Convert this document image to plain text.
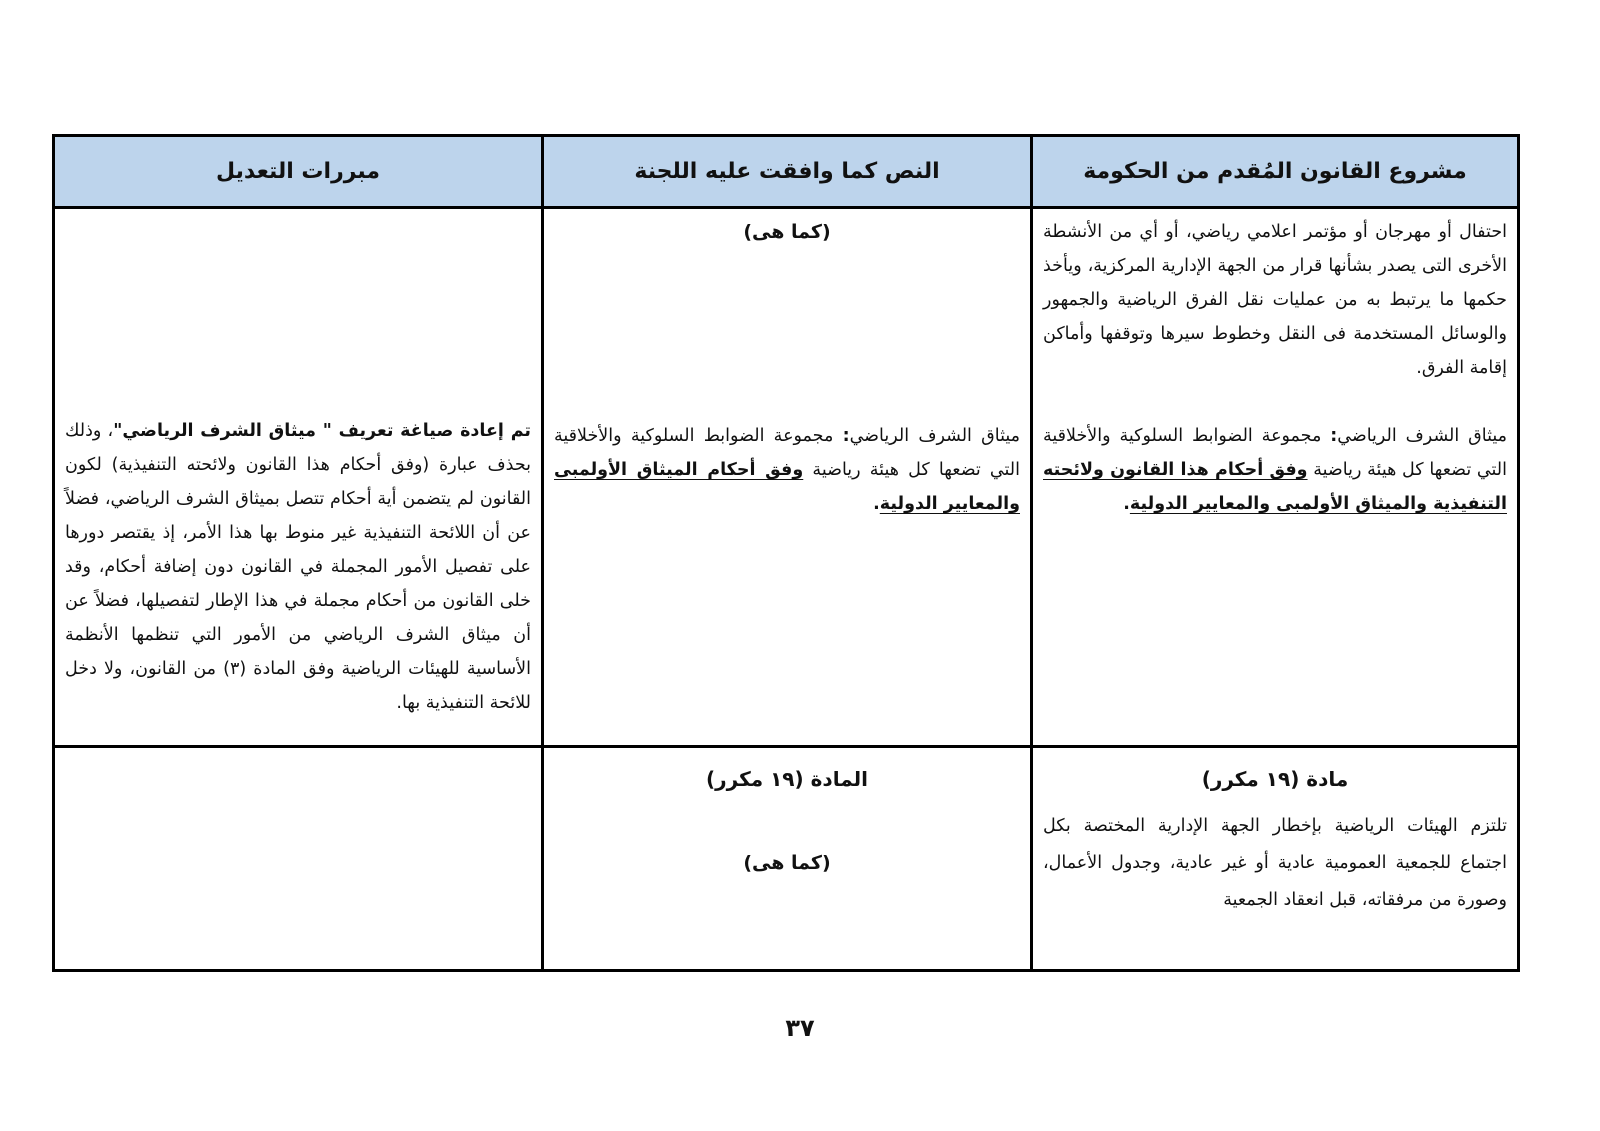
مبررات التعديل	النص كما وافقت عليه اللجنة	مشروع القانون المُقدم من الحكومة
تم إعادة صياغة تعريف " ميثاق الشرف الرياضي"، وذلك بحذف عبارة (وفق أحكام هذا القانون ولائحته التنفيذية) لكون القانون لم يتضمن أية أحكام تتصل بميثاق الشرف الرياضي، فضلاً عن أن اللائحة التنفيذية غير منوط بها هذا الأمر، إذ يقتصر دورها على تفصيل الأمور المجملة في القانون دون إضافة أحكام، وقد خلى القانون من أحكام مجملة في هذا الإطار لتفصيلها، فضلاً عن أن ميثاق الشرف الرياضي من الأمور التي تنظمها الأنظمة الأساسية للهيئات الرياضية وفق المادة (٣) من القانون، ولا دخل للائحة التنفيذية بها.
(كما هى)
ميثاق الشرف الرياضي: مجموعة الضوابط السلوكية والأخلاقية التي تضعها كل هيئة رياضية وفق أحكام الميثاق الأولمبى والمعايير الدولية.
احتفال أو مهرجان أو مؤتمر اعلامي رياضي، أو أي من الأنشطة الأخرى التى يصدر بشأنها قرار من الجهة الإدارية المركزية، ويأخذ حكمها ما يرتبط به من عمليات نقل الفرق الرياضية والجمهور والوسائل المستخدمة فى النقل وخطوط سيرها وتوقفها وأماكن إقامة الفرق.
ميثاق الشرف الرياضي: مجموعة الضوابط السلوكية والأخلاقية التي تضعها كل هيئة رياضية وفق أحكام هذا القانون ولائحته التنفيذية والميثاق الأولمبى والمعايير الدولية.
المادة (١٩ مكرر)
(كما هى)
مادة (١٩ مكرر)
تلتزم الهيئات الرياضية بإخطار الجهة الإدارية المختصة بكل اجتماع للجمعية العمومية عادية أو غير عادية، وجدول الأعمال، وصورة من مرفقاته، قبل انعقاد الجمعية
٣٧
